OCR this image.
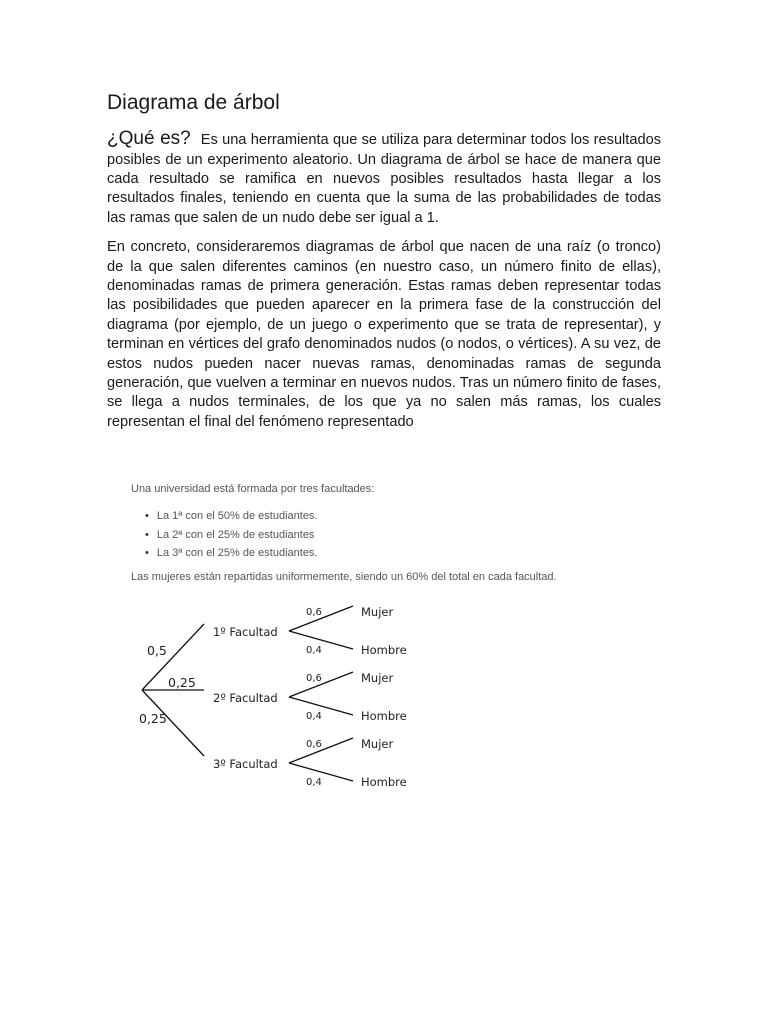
Diagrama de árbol

¿Qué es? Es una herramienta que se utiliza para determinar todos los resultados posibles de un experimento aleatorio. Un diagrama de árbol se hace de manera que cada resultado se ramifica en nuevos posibles resultados hasta llegar a los resultados finales, teniendo en cuenta que la suma de las probabilidades de todas las ramas que salen de un nudo debe ser igual a 1.

En concreto, consideraremos diagramas de árbol que nacen de una raíz (o tronco) de la que salen diferentes caminos (en nuestro caso, un número finito de ellas), denominadas ramas de primera generación. Estas ramas deben representar todas las posibilidades que pueden aparecer en la primera fase de la construcción del diagrama (por ejemplo, de un juego o experimento que se trata de representar), y terminan en vértices del grafo denominados nudos (o nodos, o vértices). A su vez, de estos nudos pueden nacer nuevas ramas, denominadas ramas de segunda generación, que vuelven a terminar en nuevos nudos. Tras un número finito de fases, se llega a nudos terminales, de los que ya no salen más ramas, los cuales representan el final del fenómeno representado

Una universidad está formada por tres facultades:

• La 1ª con el 50% de estudiantes.
• La 2ª con el 25% de estudiantes
• La 3ª con el 25% de estudiantes.

Las mujeres están repartidas uniformemente, siendo un 60% del total en cada facultad.

0,5
0,25
0,25
1º Facultad
2º Facultad
3º Facultad
0,6
0,4
0,6
0,4
0,6
0,4
Mujer
Hombre
Mujer
Hombre
Mujer
Hombre
